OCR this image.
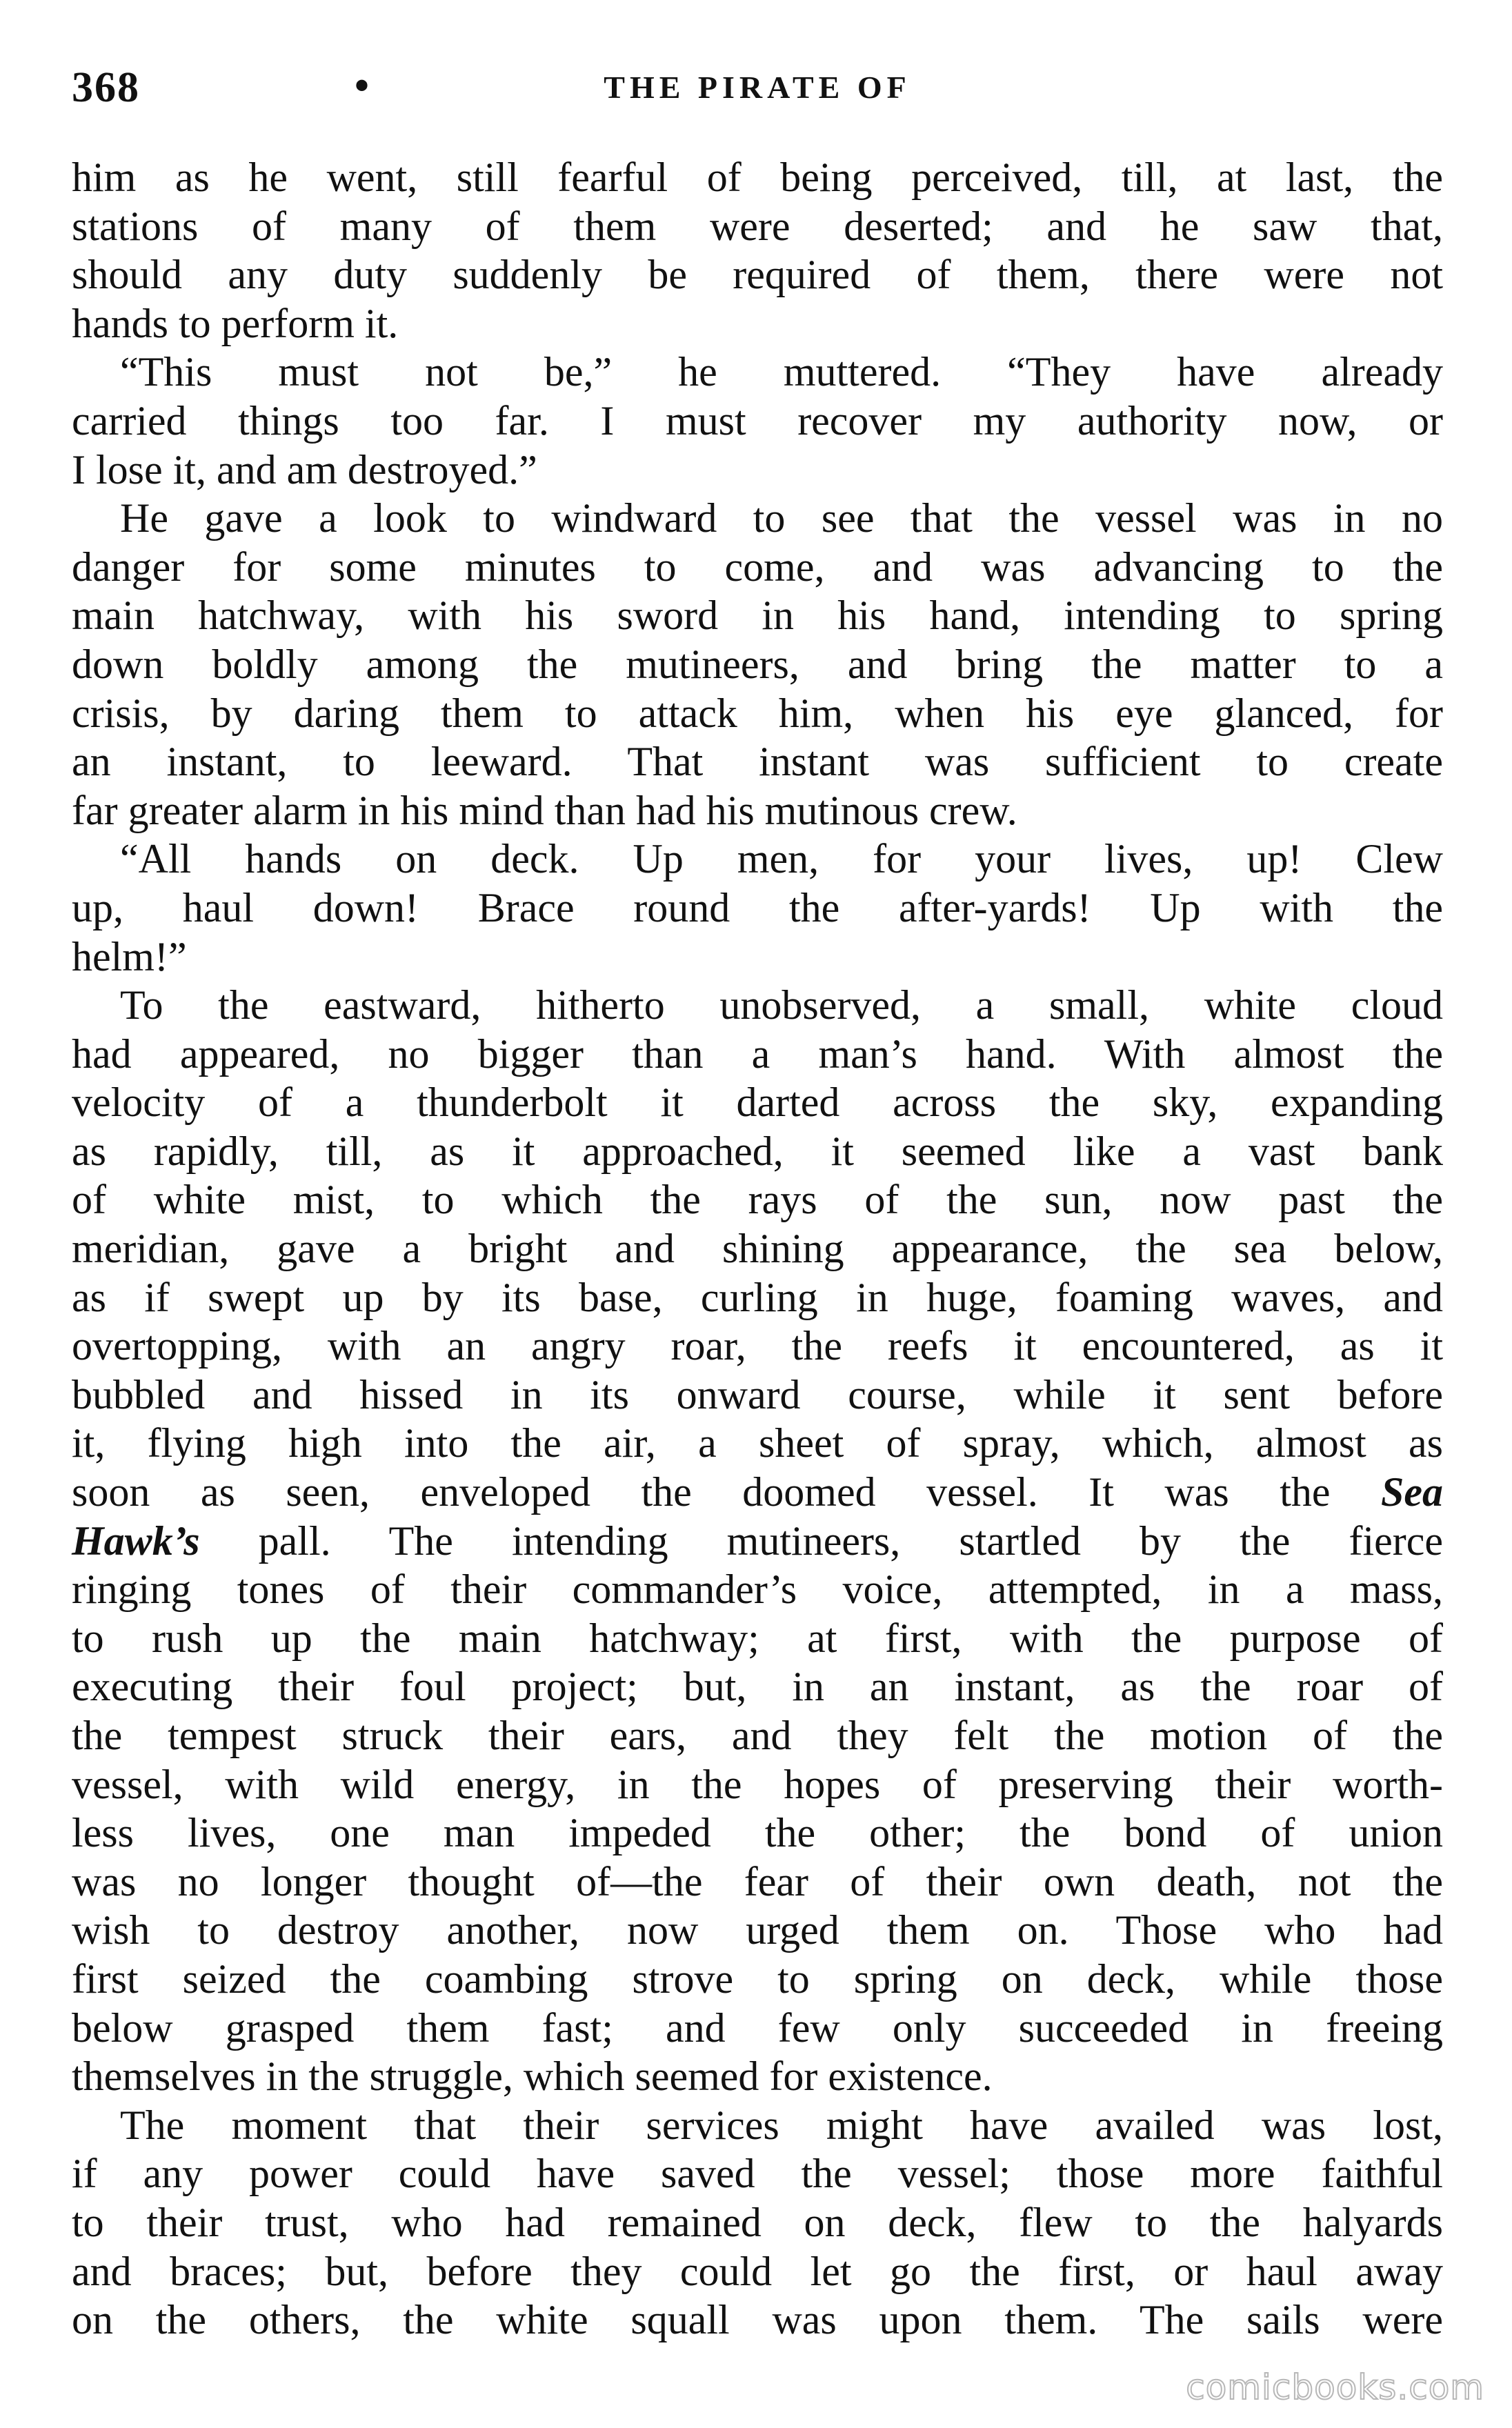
368	•	THE PIRATE OF
him as he went, still fearful of being perceived, till, at last, the
stations of many of them were deserted; and he saw that,
should any duty suddenly be required of them, there were not
hands to perform it.
“This must not be,” he muttered. “They have already
carried things too far. I must recover my authority now, or
I lose it, and am destroyed.”
He gave a look to windward to see that the vessel was in no
danger for some minutes to come, and was advancing to the
main hatchway, with his sword in his hand, intending to spring
down boldly among the mutineers, and bring the matter to a
crisis, by daring them to attack him, when his eye glanced, for
an instant, to leeward. That instant was sufficient to create
far greater alarm in his mind than had his mutinous crew.
“All hands on deck. Up men, for your lives, up! Clew
up, haul down! Brace round the after-yards! Up with the
helm!”
To the eastward, hitherto unobserved, a small, white cloud
had appeared, no bigger than a man’s hand. With almost the
velocity of a thunderbolt it darted across the sky, expanding
as rapidly, till, as it approached, it seemed like a vast bank
of white mist, to which the rays of the sun, now past the
meridian, gave a bright and shining appearance, the sea below,
as if swept up by its base, curling in huge, foaming waves, and
overtopping, with an angry roar, the reefs it encountered, as it
bubbled and hissed in its onward course, while it sent before
it, flying high into the air, a sheet of spray, which, almost as
soon as seen, enveloped the doomed vessel. It was the Sea
Hawk’s pall. The intending mutineers, startled by the fierce
ringing tones of their commander’s voice, attempted, in a mass,
to rush up the main hatchway; at first, with the purpose of
executing their foul project; but, in an instant, as the roar of
the tempest struck their ears, and they felt the motion of the
vessel, with wild energy, in the hopes of preserving their worth-
less lives, one man impeded the other; the bond of union
was no longer thought of—the fear of their own death, not the
wish to destroy another, now urged them on. Those who had
first seized the coambing strove to spring on deck, while those
below grasped them fast; and few only succeeded in freeing
themselves in the struggle, which seemed for existence.
The moment that their services might have availed was lost,
if any power could have saved the vessel; those more faithful
to their trust, who had remained on deck, flew to the halyards
and braces; but, before they could let go the first, or haul away
on the others, the white squall was upon them. The sails were
comicbooks.com
